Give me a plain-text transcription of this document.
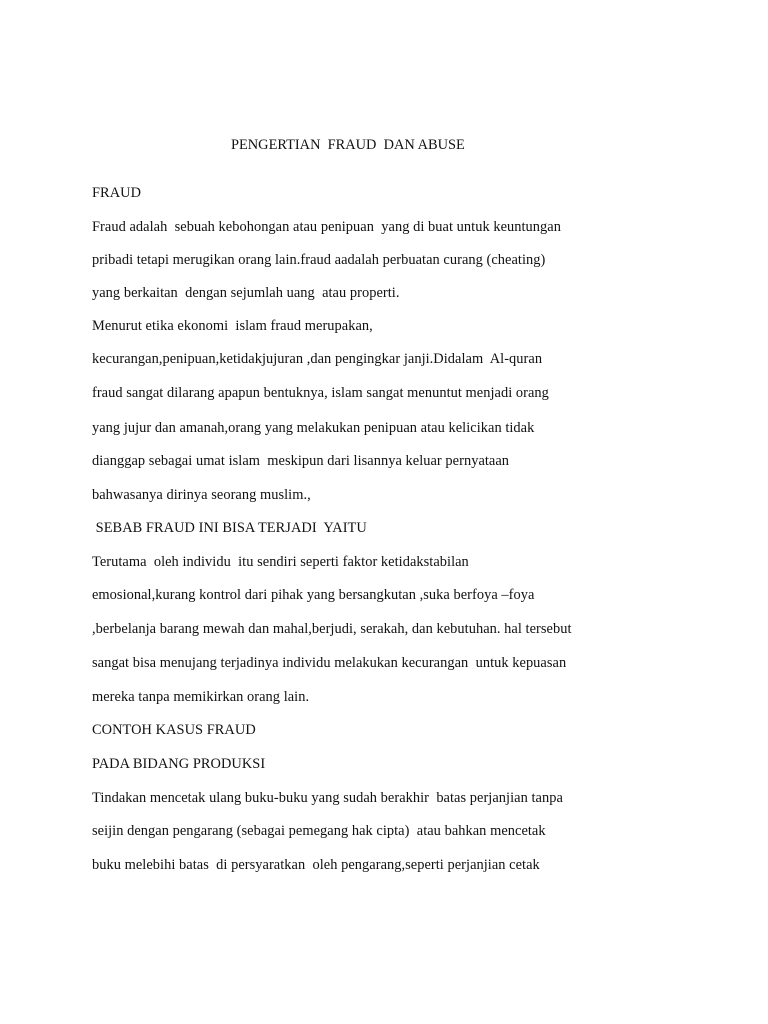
PENGERTIAN  FRAUD  DAN ABUSE
FRAUD
Fraud adalah  sebuah kebohongan atau penipuan  yang di buat untuk keuntungan
pribadi tetapi merugikan orang lain.fraud aadalah perbuatan curang (cheating)
yang berkaitan  dengan sejumlah uang  atau properti.
Menurut etika ekonomi  islam fraud merupakan,
kecurangan,penipuan,ketidakjujuran ,dan pengingkar janji.Didalam  Al-quran
fraud sangat dilarang apapun bentuknya, islam sangat menuntut menjadi orang
yang jujur dan amanah,orang yang melakukan penipuan atau kelicikan tidak
dianggap sebagai umat islam  meskipun dari lisannya keluar pernyataan
bahwasanya dirinya seorang muslim.,
SEBAB FRAUD INI BISA TERJADI  YAITU
Terutama  oleh individu  itu sendiri seperti faktor ketidakstabilan
emosional,kurang kontrol dari pihak yang bersangkutan ,suka berfoya –foya
,berbelanja barang mewah dan mahal,berjudi, serakah, dan kebutuhan. hal tersebut
sangat bisa menujang terjadinya individu melakukan kecurangan  untuk kepuasan
mereka tanpa memikirkan orang lain.
CONTOH KASUS FRAUD
PADA BIDANG PRODUKSI
Tindakan mencetak ulang buku-buku yang sudah berakhir  batas perjanjian tanpa
seijin dengan pengarang (sebagai pemegang hak cipta)  atau bahkan mencetak
buku melebihi batas  di persyaratkan  oleh pengarang,seperti perjanjian cetak
